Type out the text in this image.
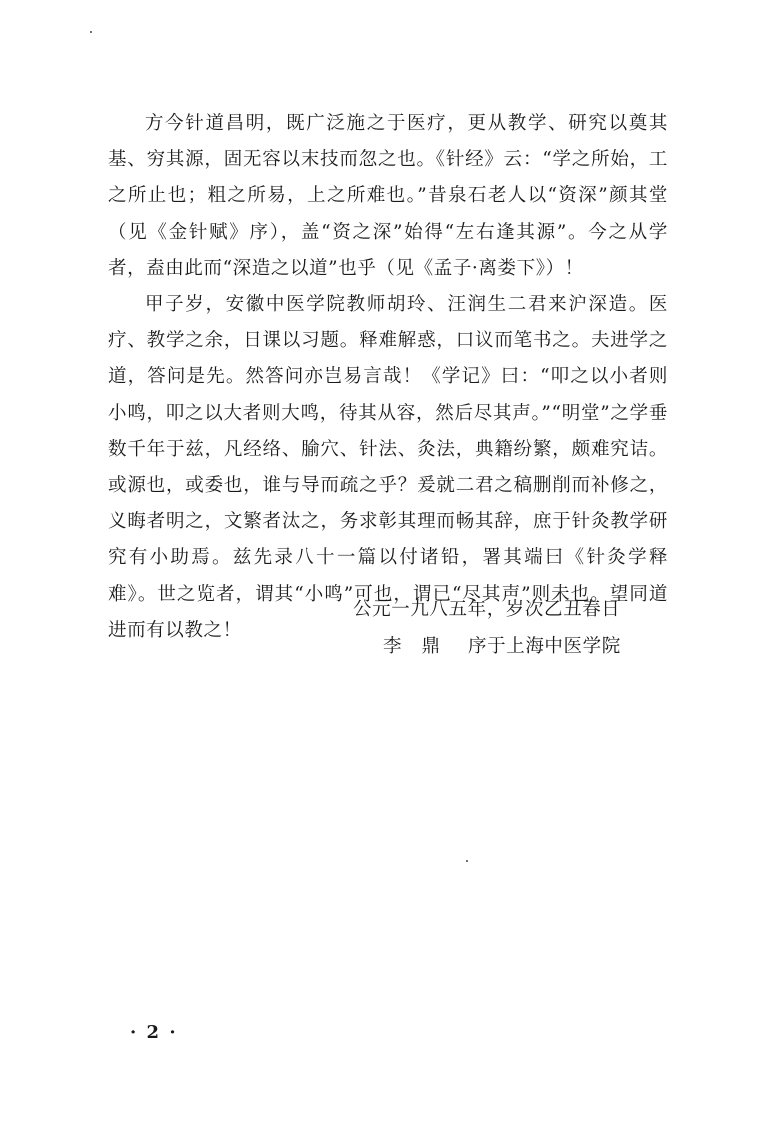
方今针道昌明，既广泛施之于医疗，更从教学、研究以奠其基、穷其源，固无容以末技而忽之也。《针经》云：“学之所始，工之所止也；粗之所易，上之所难也。”昔泉石老人以“资深”颜其堂（见《金针赋》序），盖“资之深”始得“左右逢其源”。今之从学者，盍由此而“深造之以道”也乎（见《孟子·离娄下》）！

甲子岁，安徽中医学院教师胡玲、汪润生二君来沪深造。医疗、教学之余，日课以习题。释难解惑，口议而笔书之。夫进学之道，答问是先。然答问亦岂易言哉！《学记》曰：“叩之以小者则小鸣，叩之以大者则大鸣，待其从容，然后尽其声。”“明堂”之学垂数千年于兹，凡经络、腧穴、针法、灸法，典籍纷繁，颇难究诘。或源也，或委也，谁与导而疏之乎？爰就二君之稿删削而补修之，义晦者明之，文繁者汰之，务求彰其理而畅其辞，庶于针灸教学研究有小助焉。兹先录八十一篇以付诸铅，署其端曰《针灸学释难》。世之览者，谓其“小鸣”可也，谓已“尽其声”则未也。望同道进而有以教之！

公元一九八五年，岁次乙丑春日
李鼎 序于上海中医学院
· 2 ·
